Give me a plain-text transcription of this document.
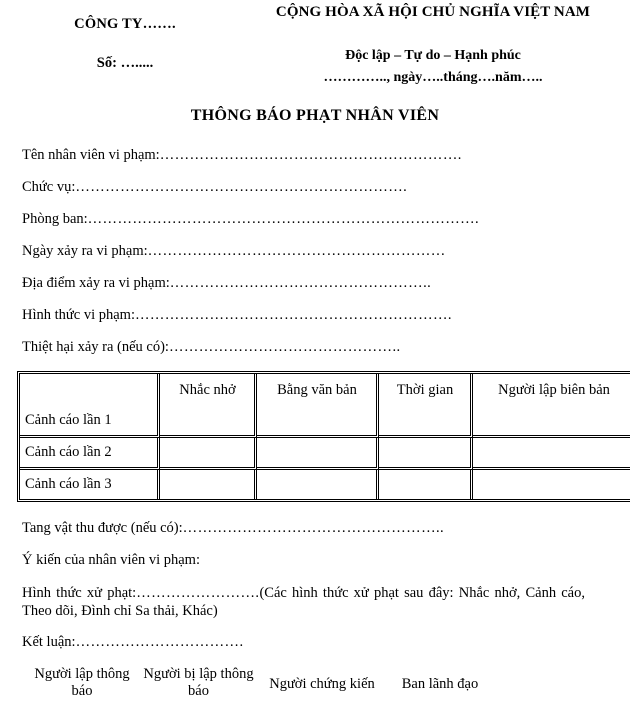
CÔNG TY…….
Số: ….....
CỘNG HÒA XÃ HỘI CHỦ NGHĨA VIỆT NAM
Độc lập – Tự do – Hạnh phúc
………….., ngày…..tháng….năm…..
THÔNG BÁO PHẠT NHÂN VIÊN
Tên nhân viên vi phạm:…………………………………………………….
Chức vụ:………………………………………………………….
Phòng ban:…………………………………………………………………….
Ngày xảy ra vi phạm:……………………………………………………
Địa điểm xảy ra vi phạm:……………………………………………..
Hình thức vi phạm:……………………………………………………….
Thiệt hại xảy ra (nếu có):………………………………………..
	Nhắc nhở	Bằng văn bản	Thời gian	Người lập biên bản
Cảnh cáo lần 1				
Cảnh cáo lần 2				
Cảnh cáo lần 3				
Tang vật thu được (nếu có):……………………………………………..
Ý kiến của nhân viên vi phạm:
Hình thức xử phạt:…………………….(Các hình thức xử phạt sau đây: Nhắc nhở, Cảnh cáo, Theo dõi, Đình chỉ Sa thải, Khác)
Kết luận:…………………………….
Người lập thông báo
Người bị lập thông báo	Người chứng kiến	Ban lãnh đạo
